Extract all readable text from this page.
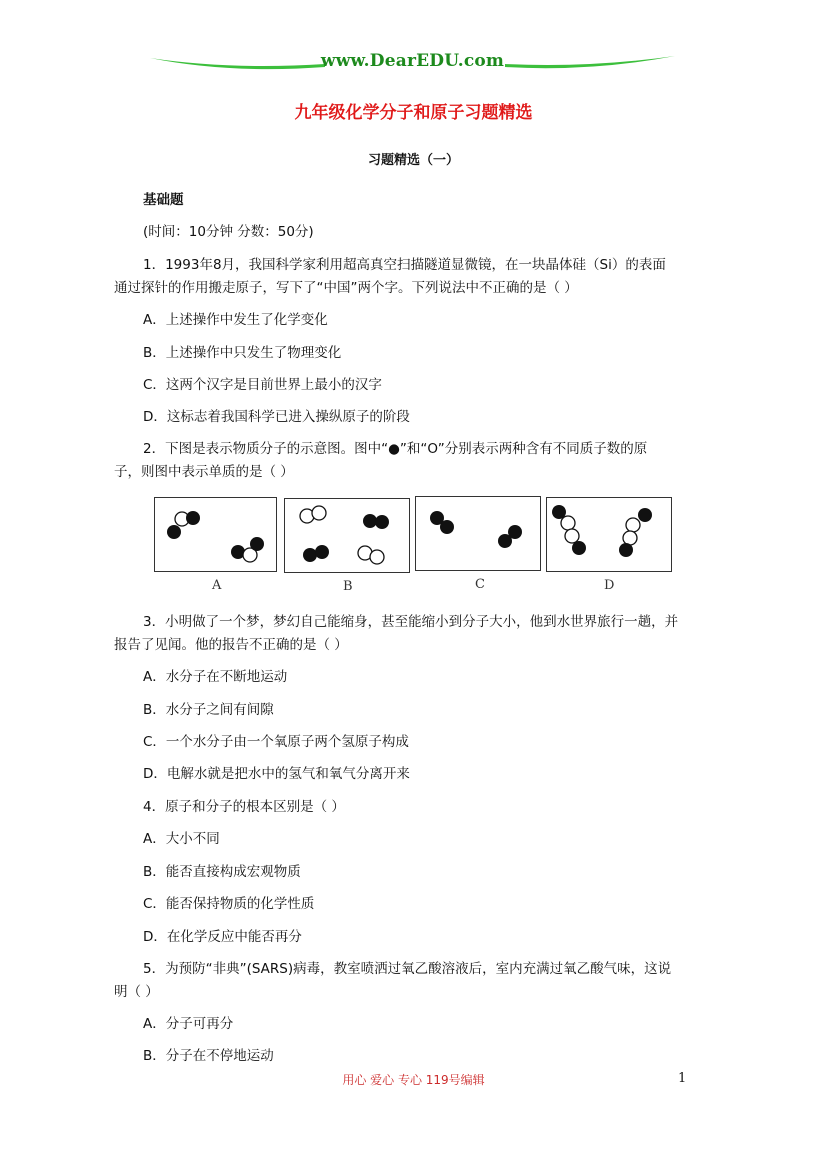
www.DearEDU.com
九年级化学分子和原子习题精选
习题精选（一）
基础题
(时间：10分钟 分数：50分)
1．1993年8月，我国科学家利用超高真空扫描隧道显微镜，在一块晶体硅（Si）的表面
通过探针的作用搬走原子，写下了“中国”两个字。下列说法中不正确的是（ ）
A．上述操作中发生了化学变化
B．上述操作中只发生了物理变化
C．这两个汉字是目前世界上最小的汉字
D．这标志着我国科学已进入操纵原子的阶段
2．下图是表示物质分子的示意图。图中“●”和“O”分别表示两种含有不同质子数的原
子，则图中表示单质的是（ ）
A	B	C	D
3．小明做了一个梦，梦幻自己能缩身，甚至能缩小到分子大小，他到水世界旅行一趟，并
报告了见闻。他的报告不正确的是（ ）
A．水分子在不断地运动
B．水分子之间有间隙
C．一个水分子由一个氧原子两个氢原子构成
D．电解水就是把水中的氢气和氧气分离开来
4．原子和分子的根本区别是（ ）
A．大小不同
B．能否直接构成宏观物质
C．能否保持物质的化学性质
D．在化学反应中能否再分
5．为预防“非典”(SARS)病毒，教室喷洒过氧乙酸溶液后，室内充满过氧乙酸气味，这说
明（ ）
A．分子可再分
B．分子在不停地运动
用心 爱心 专心 119号编辑	1
